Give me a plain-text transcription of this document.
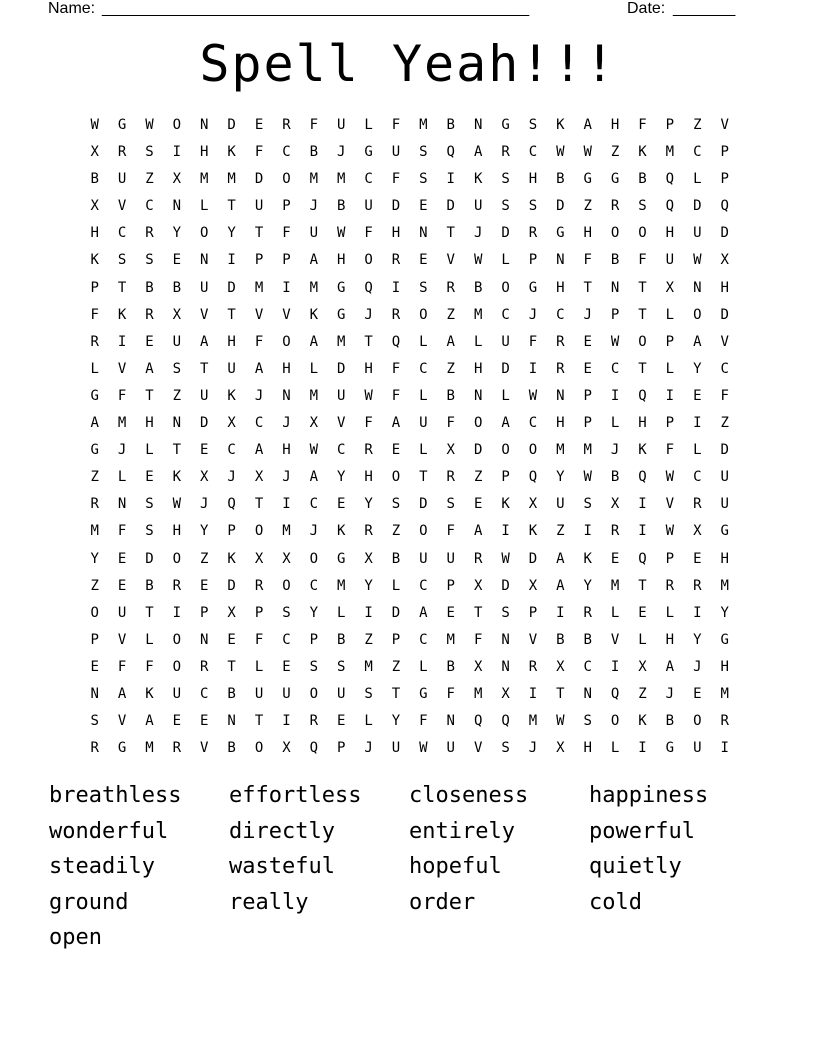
Name: ________________________________________________	Date: _______
Spell Yeah!!!
W	G	W	O	N	D	E	R	F	U	L	F	M	B	N	G	S	K	A	H	F	P	Z	V
X	R	S	I	H	K	F	C	B	J	G	U	S	Q	A	R	C	W	W	Z	K	M	C	P
B	U	Z	X	M	M	D	O	M	M	C	F	S	I	K	S	H	B	G	G	B	Q	L	P
X	V	C	N	L	T	U	P	J	B	U	D	E	D	U	S	S	D	Z	R	S	Q	D	Q
H	C	R	Y	O	Y	T	F	U	W	F	H	N	T	J	D	R	G	H	O	O	H	U	D
K	S	S	E	N	I	P	P	A	H	O	R	E	V	W	L	P	N	F	B	F	U	W	X
P	T	B	B	U	D	M	I	M	G	Q	I	S	R	B	O	G	H	T	N	T	X	N	H
F	K	R	X	V	T	V	V	K	G	J	R	O	Z	M	C	J	C	J	P	T	L	O	D
R	I	E	U	A	H	F	O	A	M	T	Q	L	A	L	U	F	R	E	W	O	P	A	V
L	V	A	S	T	U	A	H	L	D	H	F	C	Z	H	D	I	R	E	C	T	L	Y	C
G	F	T	Z	U	K	J	N	M	U	W	F	L	B	N	L	W	N	P	I	Q	I	E	F
A	M	H	N	D	X	C	J	X	V	F	A	U	F	O	A	C	H	P	L	H	P	I	Z
G	J	L	T	E	C	A	H	W	C	R	E	L	X	D	O	O	M	M	J	K	F	L	D
Z	L	E	K	X	J	X	J	A	Y	H	O	T	R	Z	P	Q	Y	W	B	Q	W	C	U
R	N	S	W	J	Q	T	I	C	E	Y	S	D	S	E	K	X	U	S	X	I	V	R	U
M	F	S	H	Y	P	O	M	J	K	R	Z	O	F	A	I	K	Z	I	R	I	W	X	G
Y	E	D	O	Z	K	X	X	O	G	X	B	U	U	R	W	D	A	K	E	Q	P	E	H
Z	E	B	R	E	D	R	O	C	M	Y	L	C	P	X	D	X	A	Y	M	T	R	R	M
O	U	T	I	P	X	P	S	Y	L	I	D	A	E	T	S	P	I	R	L	E	L	I	Y
P	V	L	O	N	E	F	C	P	B	Z	P	C	M	F	N	V	B	B	V	L	H	Y	G
E	F	F	O	R	T	L	E	S	S	M	Z	L	B	X	N	R	X	C	I	X	A	J	H
N	A	K	U	C	B	U	U	O	U	S	T	G	F	M	X	I	T	N	Q	Z	J	E	M
S	V	A	E	E	N	T	I	R	E	L	Y	F	N	Q	Q	M	W	S	O	K	B	O	R
R	G	M	R	V	B	O	X	Q	P	J	U	W	U	V	S	J	X	H	L	I	G	U	I
breathless	effortless	closeness	happiness
wonderful	directly	entirely	powerful
steadily	wasteful	hopeful	quietly
ground	really	order	cold
open
